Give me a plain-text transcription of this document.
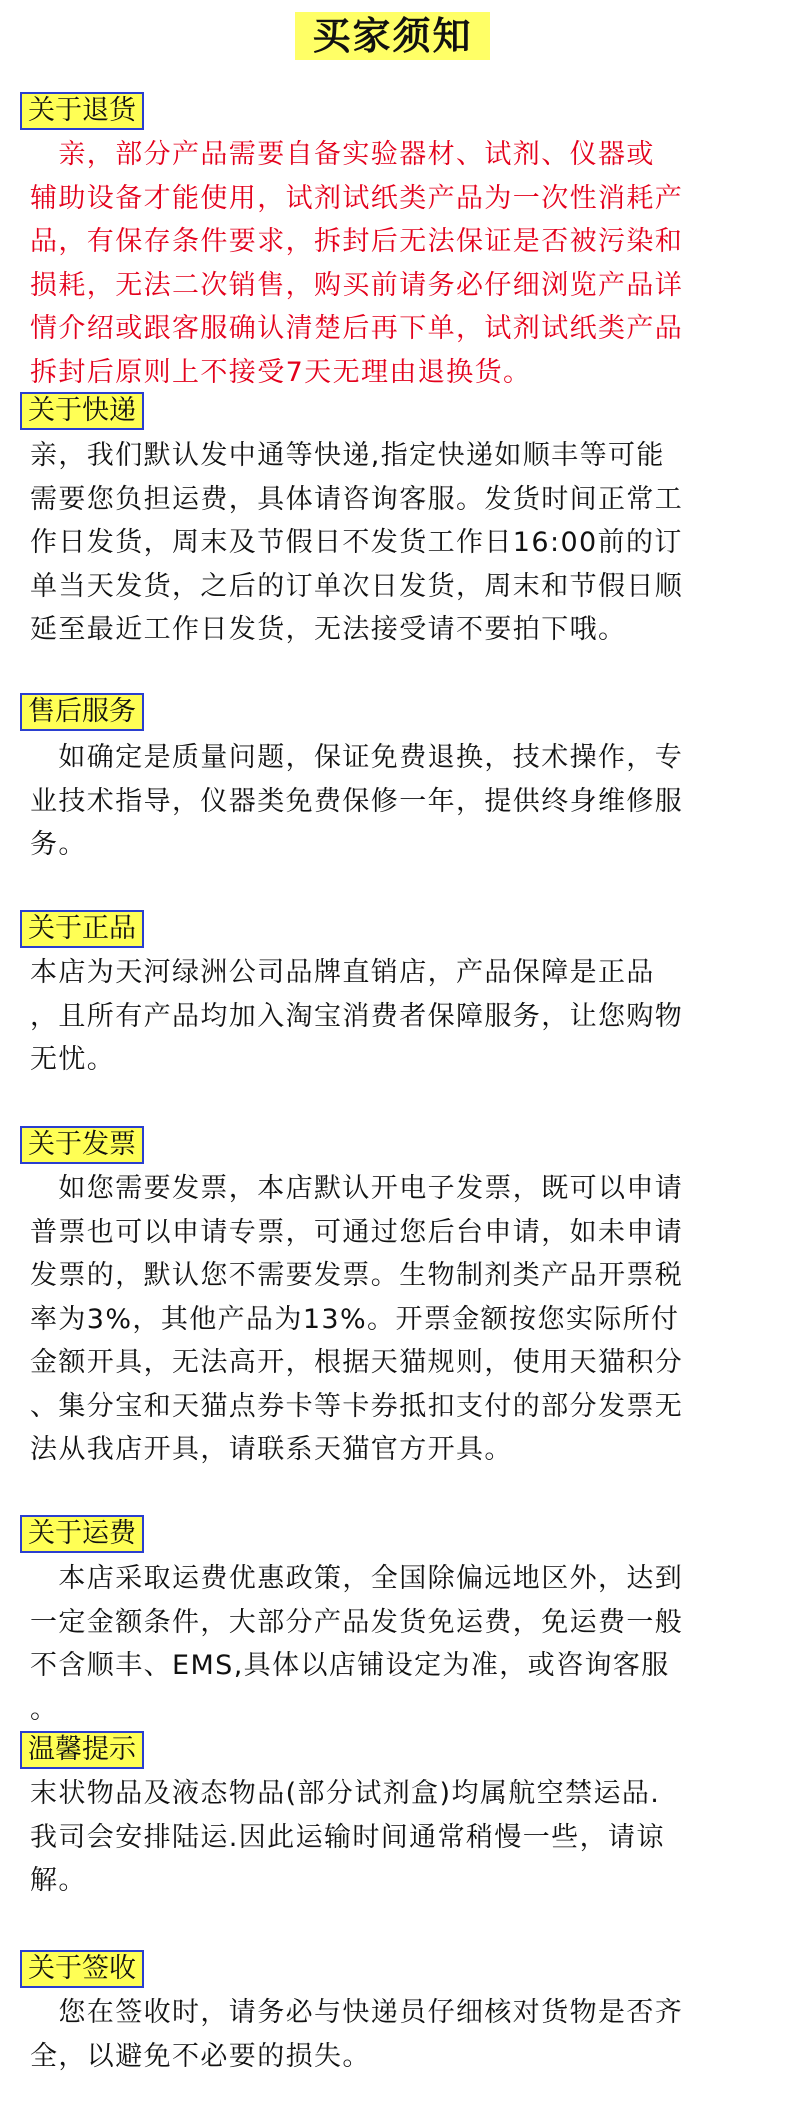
买家须知
关于退货
　亲，部分产品需要自备实验器材、试剂、仪器或
辅助设备才能使用，试剂试纸类产品为一次性消耗产
品，有保存条件要求，拆封后无法保证是否被污染和
损耗，无法二次销售，购买前请务必仔细浏览产品详
情介绍或跟客服确认清楚后再下单，试剂试纸类产品
拆封后原则上不接受7天无理由退换货。
关于快递
亲，我们默认发中通等快递,指定快递如顺丰等可能
需要您负担运费，具体请咨询客服。发货时间正常工
作日发货，周末及节假日不发货工作日16:00前的订
单当天发货，之后的订单次日发货，周末和节假日顺
延至最近工作日发货，无法接受请不要拍下哦。
售后服务
　如确定是质量问题，保证免费退换，技术操作，专
业技术指导，仪器类免费保修一年，提供终身维修服
务。
关于正品
本店为天河绿洲公司品牌直销店，产品保障是正品
，且所有产品均加入淘宝消费者保障服务，让您购物
无忧。
关于发票
　如您需要发票，本店默认开电子发票，既可以申请
普票也可以申请专票，可通过您后台申请，如未申请
发票的，默认您不需要发票。生物制剂类产品开票税
率为3%，其他产品为13%。开票金额按您实际所付
金额开具，无法高开，根据天猫规则，使用天猫积分
、集分宝和天猫点券卡等卡券抵扣支付的部分发票无
法从我店开具，请联系天猫官方开具。
关于运费
　本店采取运费优惠政策，全国除偏远地区外，达到
一定金额条件，大部分产品发货免运费，免运费一般
不含顺丰、EMS,具体以店铺设定为准，或咨询客服
。
温馨提示
末状物品及液态物品(部分试剂盒)均属航空禁运品.
我司会安排陆运.因此运输时间通常稍慢一些，请谅
解。
关于签收
　您在签收时，请务必与快递员仔细核对货物是否齐
全，以避免不必要的损失。
